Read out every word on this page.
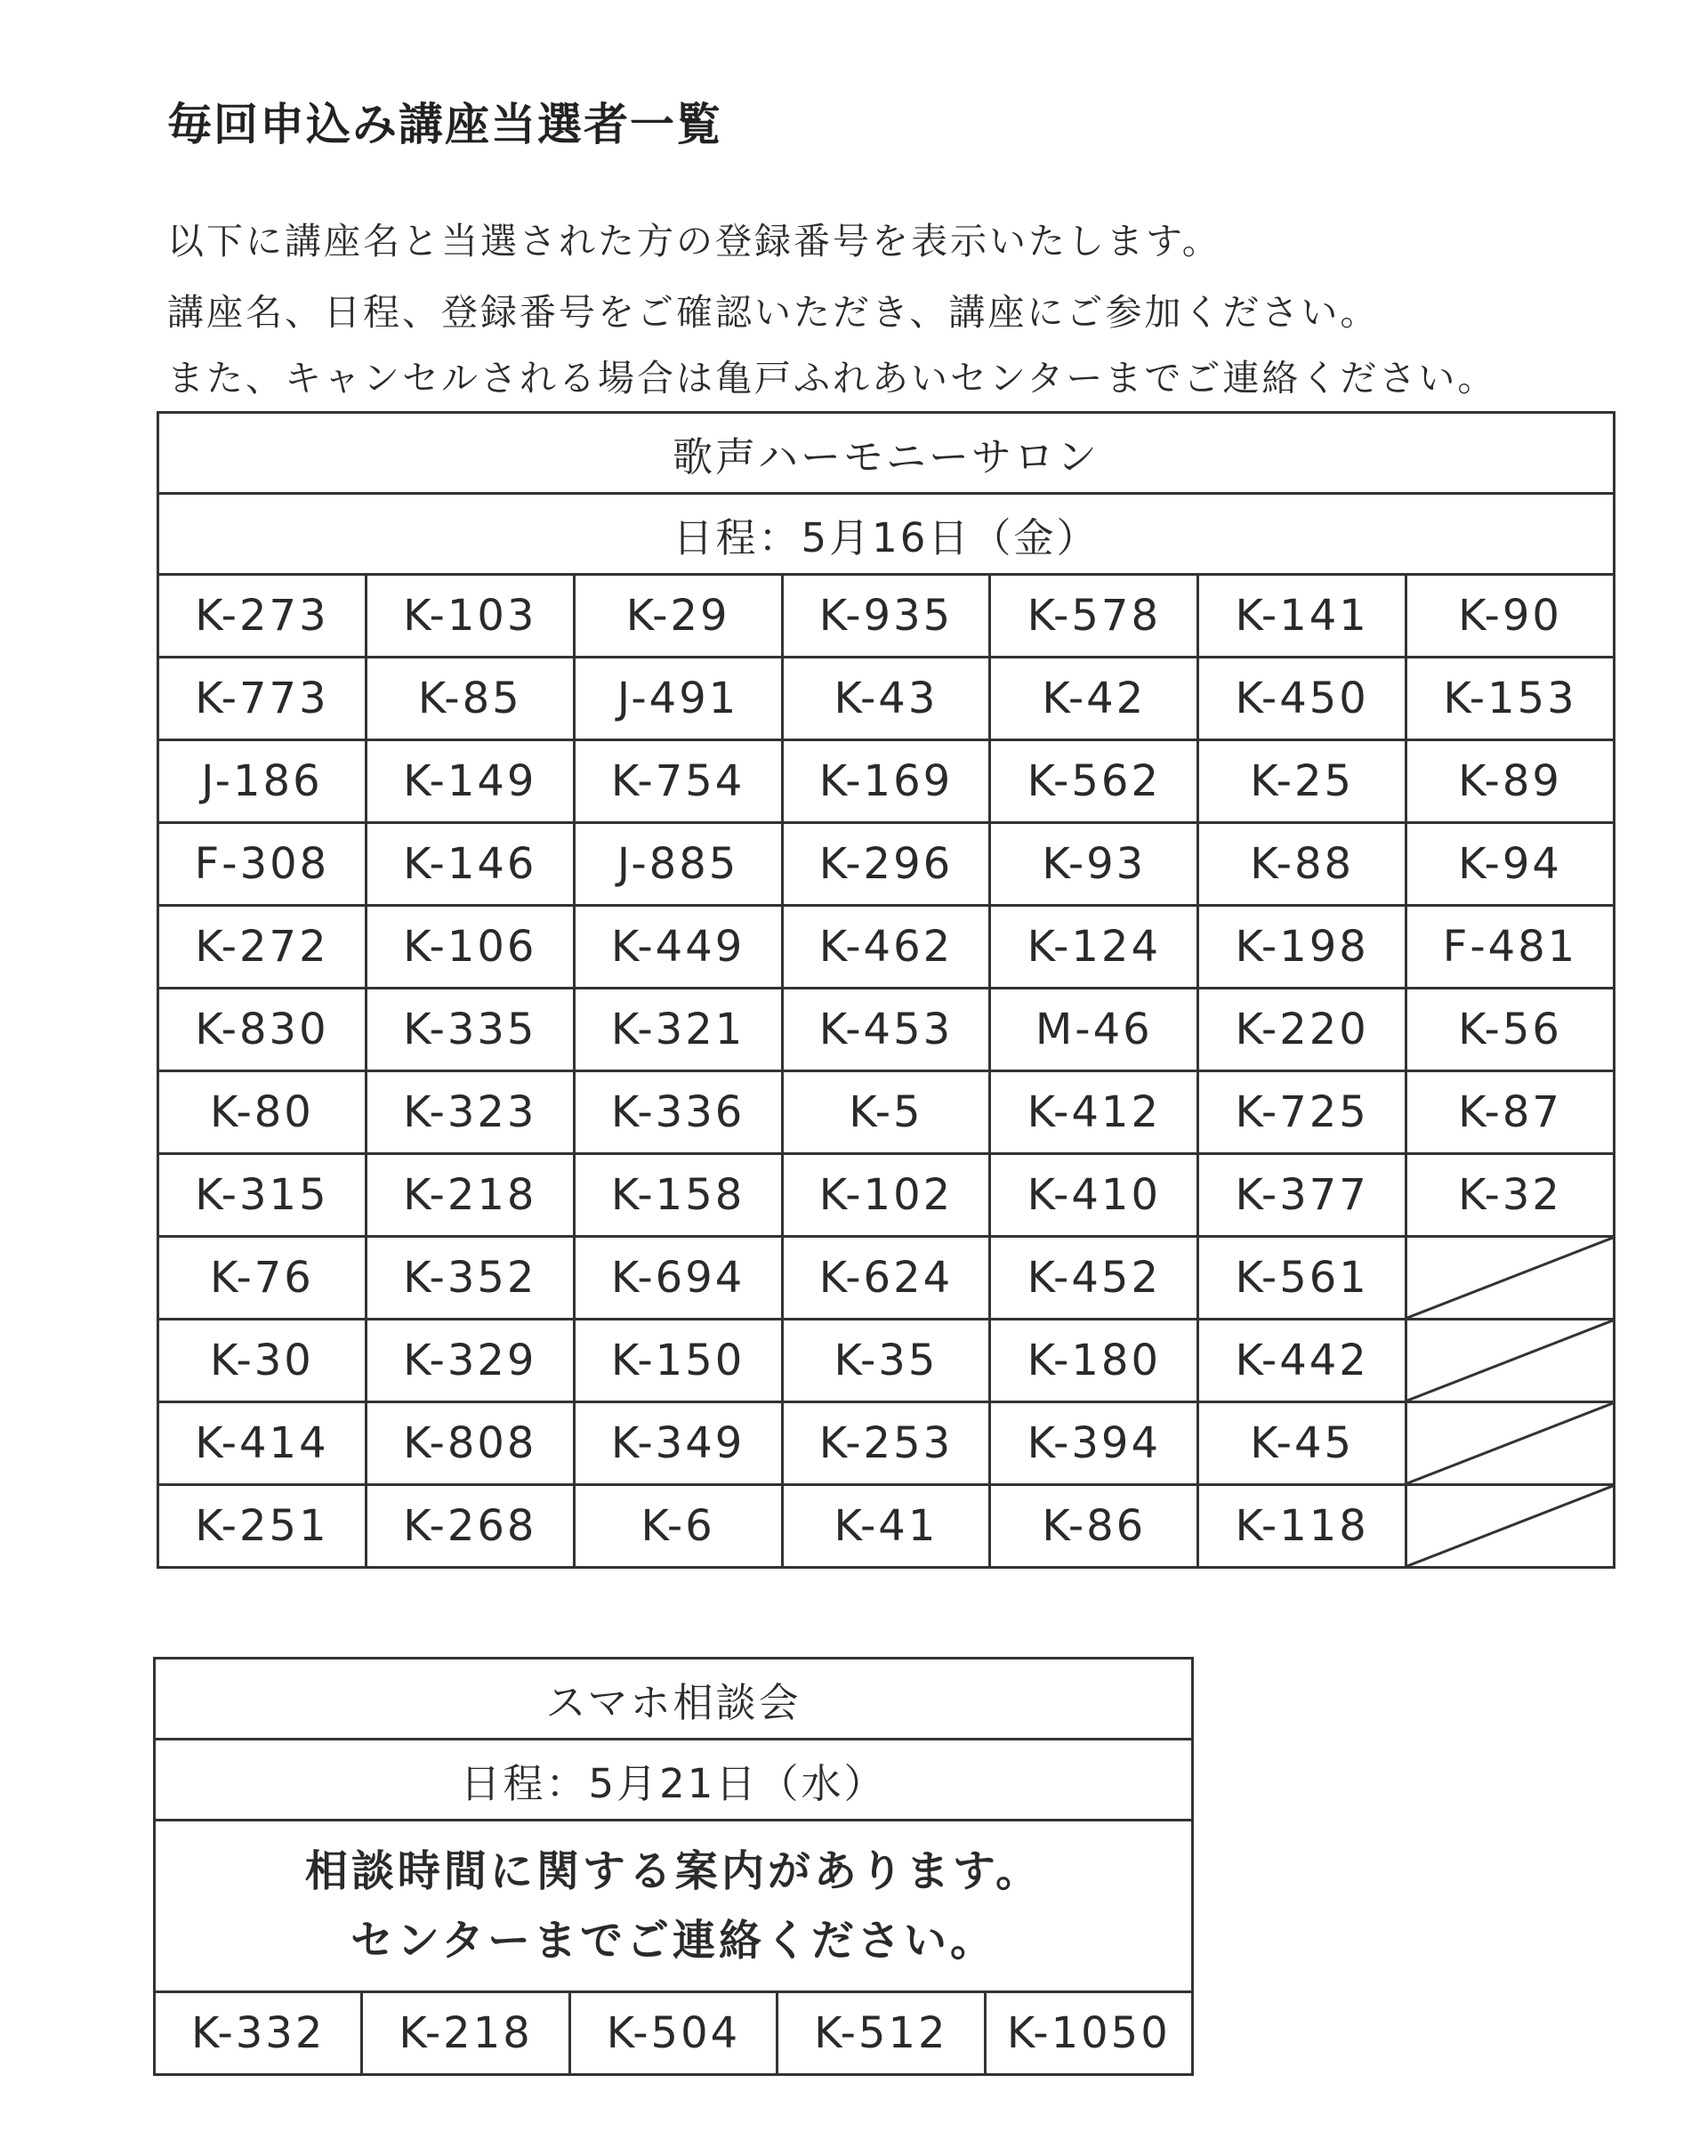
毎回申込み講座当選者一覧

以下に講座名と当選された方の登録番号を表示いたします。

講座名、日程、登録番号をご確認いただき、講座にご参加ください。

また、キャンセルされる場合は亀戸ふれあいセンターまでご連絡ください。

歌声ハーモニーサロン						
日程：5月16日（金）						
K-273	K-103	K-29	K-935	K-578	K-141	K-90
K-773	K-85	J-491	K-43	K-42	K-450	K-153
J-186	K-149	K-754	K-169	K-562	K-25	K-89
F-308	K-146	J-885	K-296	K-93	K-88	K-94
K-272	K-106	K-449	K-462	K-124	K-198	F-481
K-830	K-335	K-321	K-453	M-46	K-220	K-56
K-80	K-323	K-336	K-5	K-412	K-725	K-87
K-315	K-218	K-158	K-102	K-410	K-377	K-32
K-76	K-352	K-694	K-624	K-452	K-561	

K-30	K-329	K-150	K-35	K-180	K-442	

K-414	K-808	K-349	K-253	K-394	K-45	

K-251	K-268	K-6	K-41	K-86	K-118	
スマホ相談会
日程：5月21日（水）

相談時間に関する案内があります。
センターまでご連絡ください。

K-332	K-218	K-504	K-512	K-1050
